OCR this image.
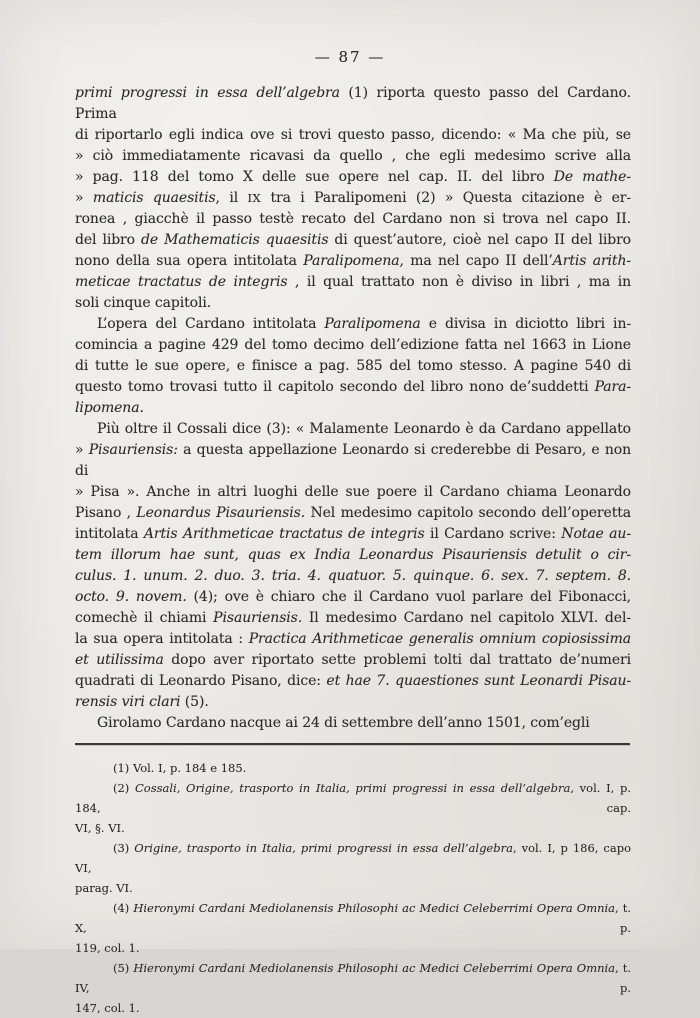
— 87 —
primi progressi in essa dell’algebra (1) riporta questo passo del Cardano. Prima
di riportarlo egli indica ove si trovi questo passo, dicendo: « Ma che più, se
» ciò immediatamente ricavasi da quello , che egli medesimo scrive alla
» pag. 118 del tomo X delle sue opere nel cap. II. del libro De mathe-
» maticis quaesitis, il IX tra i Paralipomeni (2) » Questa citazione è er-
ronea , giacchè il passo testè recato del Cardano non si trova nel capo II.
del libro de Mathematicis quaesitis di quest’autore, cioè nel capo II del libro
nono della sua opera intitolata Paralipomena, ma nel capo II dell’Artis arith-
meticae tractatus de integris , il qual trattato non è diviso in libri , ma in
soli cinque capitoli.
L’opera del Cardano intitolata Paralipomena e divisa in diciotto libri in-
comincia a pagine 429 del tomo decimo dell’edizione fatta nel 1663 in Lione
di tutte le sue opere, e finisce a pag. 585 del tomo stesso. A pagine 540 di
questo tomo trovasi tutto il capitolo secondo del libro nono de’suddetti Para-
lipomena.
Più oltre il Cossali dice (3): « Malamente Leonardo è da Cardano appellato
» Pisauriensis: a questa appellazione Leonardo si crederebbe di Pesaro, e non di
» Pisa ». Anche in altri luoghi delle sue poere il Cardano chiama Leonardo
Pisano , Leonardus Pisauriensis. Nel medesimo capitolo secondo dell’operetta
intitolata Artis Arithmeticae tractatus de integris il Cardano scrive: Notae au-
tem illorum hae sunt, quas ex India Leonardus Pisauriensis detulit o cir-
culus. 1. unum. 2. duo. 3. tria. 4. quatuor. 5. quinque. 6. sex. 7. septem. 8.
octo. 9. novem. (4); ove è chiaro che il Cardano vuol parlare del Fibonacci,
comechè il chiami Pisauriensis. Il medesimo Cardano nel capitolo XLVI. del-
la sua opera intitolata : Practica Arithmeticae generalis omnium copiosissima
et utilissima dopo aver riportato sette problemi tolti dal trattato de’numeri
quadrati di Leonardo Pisano, dice: et hae 7. quaestiones sunt Leonardi Pisau-
rensis viri clari (5).
Girolamo Cardano nacque ai 24 di settembre dell’anno 1501, com’egli
(1) Vol. I, p. 184 e 185.
(2) Cossali, Origine, trasporto in Italia, primi progressi in essa dell’algebra, vol. I, p. 184, cap.
VI, §. VI.
(3) Origine, trasporto in Italia, primi progressi in essa dell’algebra, vol. I, p 186, capo VI,
parag. VI.
(4) Hieronymi Cardani Mediolanensis Philosophi ac Medici Celeberrimi Opera Omnia, t. X, p.
119, col. 1.
(5) Hieronymi Cardani Mediolanensis Philosophi ac Medici Celeberrimi Opera Omnia, t. IV, p.
147, col. 1.
